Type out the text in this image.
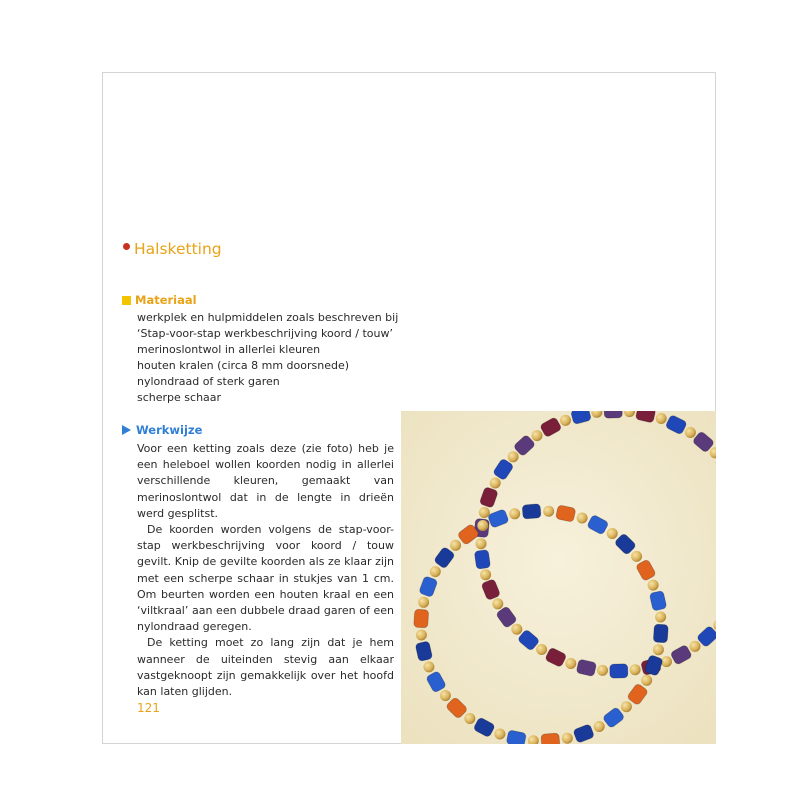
Halsketting
Materiaal
werkplek en hulpmiddelen zoals beschreven bij
‘Stap-voor-stap werkbeschrijving koord / touw’
merinoslontwol in allerlei kleuren
houten kralen (circa 8 mm doorsnede)
nylondraad of sterk garen
scherpe schaar
Werkwijze

Voor een ketting zoals deze (zie foto) heb je een heleboel wollen koorden nodig in allerlei verschillende kleuren, gemaakt van merinoslontwol dat in de lengte in drieën werd gesplitst.

De koorden worden volgens de stap-voor-stap werkbeschrijving voor koord / touw gevilt. Knip de gevilte koorden als ze klaar zijn met een scherpe schaar in stukjes van 1 cm. Om beurten worden een houten kraal en een ‘viltkraal’ aan een dubbele draad garen of een nylondraad geregen.

De ketting moet zo lang zijn dat je hem wanneer de uiteinden stevig aan elkaar vastgeknoopt zijn gemakkelijk over het hoofd kan laten glijden.

121
